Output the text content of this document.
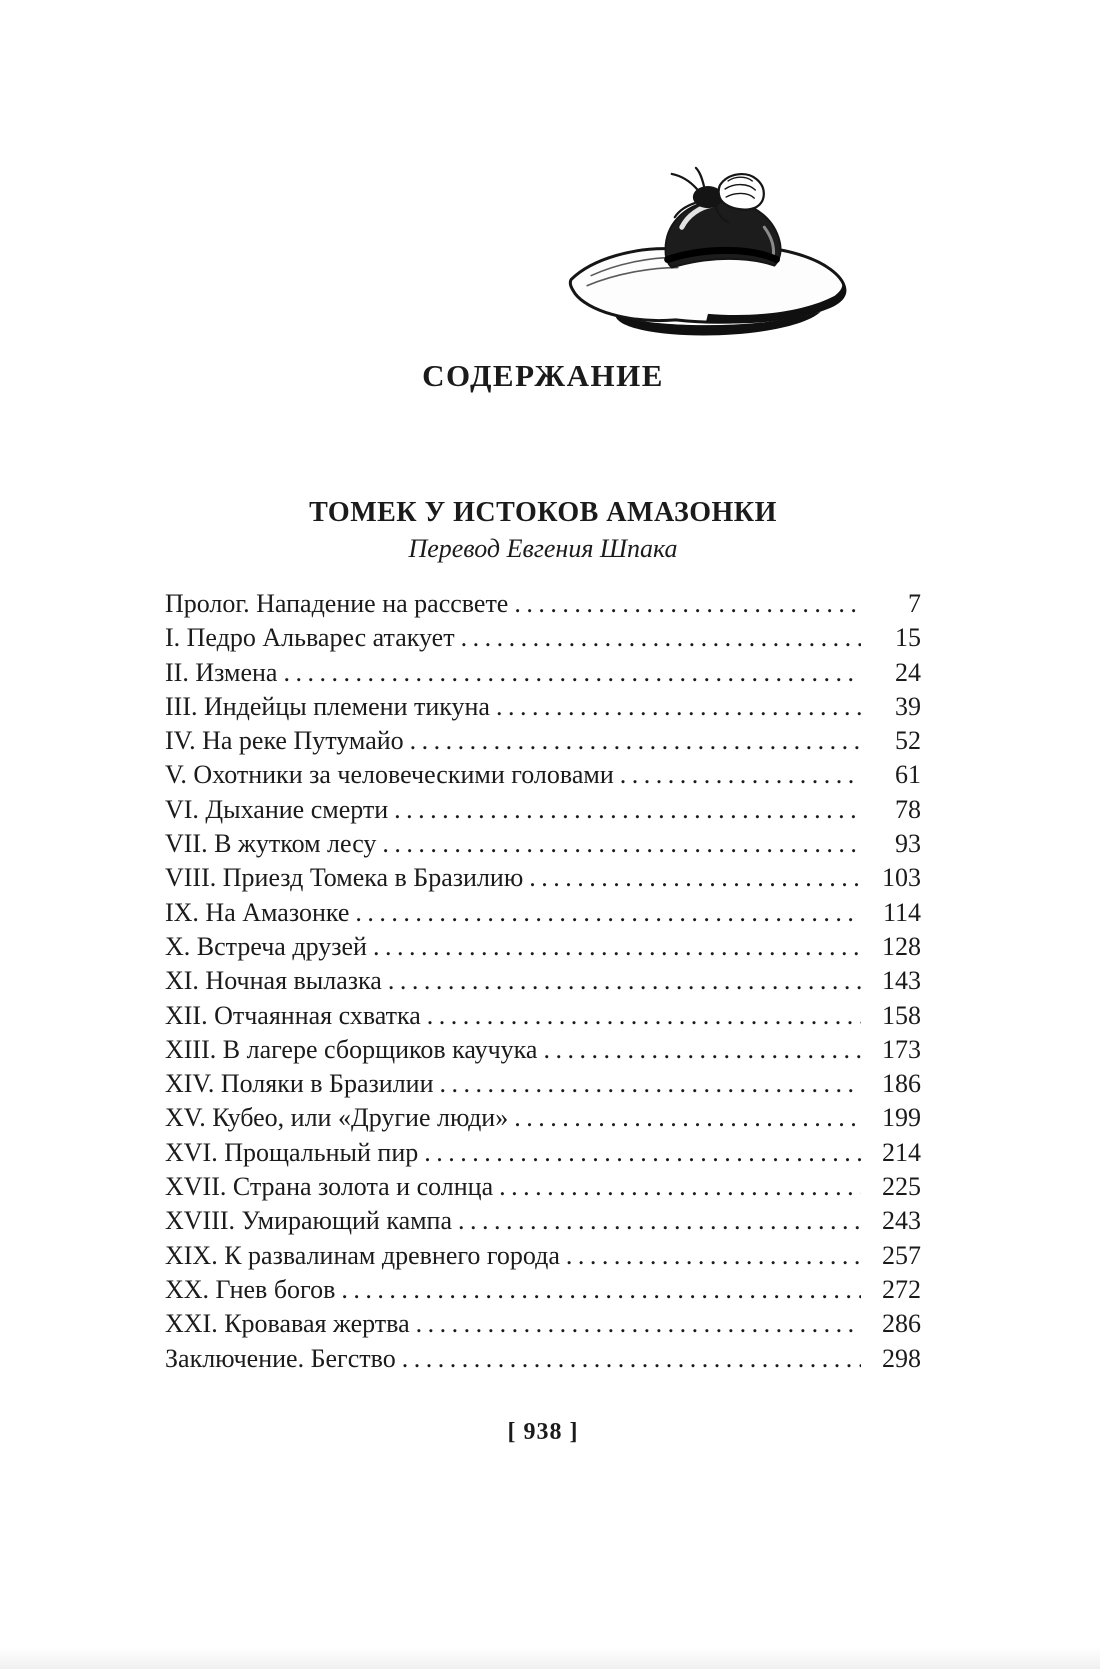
СОДЕРЖАНИЕ
ТОМЕК У ИСТОКОВ АМАЗОНКИ
Перевод Евгения Шпака
Пролог. Нападение на рассвете .....	7
I. Педро Альварес атакует .....	15
II. Измена .....	24
III. Индейцы племени тикуна .....	39
IV. На реке Путумайо .....	52
V. Охотники за человеческими головами .....	61
VI. Дыхание смерти .....	78
VII. В жутком лесу .....	93
VIII. Приезд Томека в Бразилию .....	103
IX. На Амазонке .....	114
X. Встреча друзей .....	128
XI. Ночная вылазка .....	143
XII. Отчаянная схватка .....	158
XIII. В лагере сборщиков каучука .....	173
XIV. Поляки в Бразилии .....	186
XV. Кубео, или «Другие люди» .....	199
XVI. Прощальный пир .....	214
XVII. Страна золота и солнца .....	225
XVIII. Умирающий кампа .....	243
XIX. К развалинам древнего города .....	257
XX. Гнев богов .....	272
XXI. Кровавая жертва .....	286
Заключение. Бегство .....	298
[ 938 ]
